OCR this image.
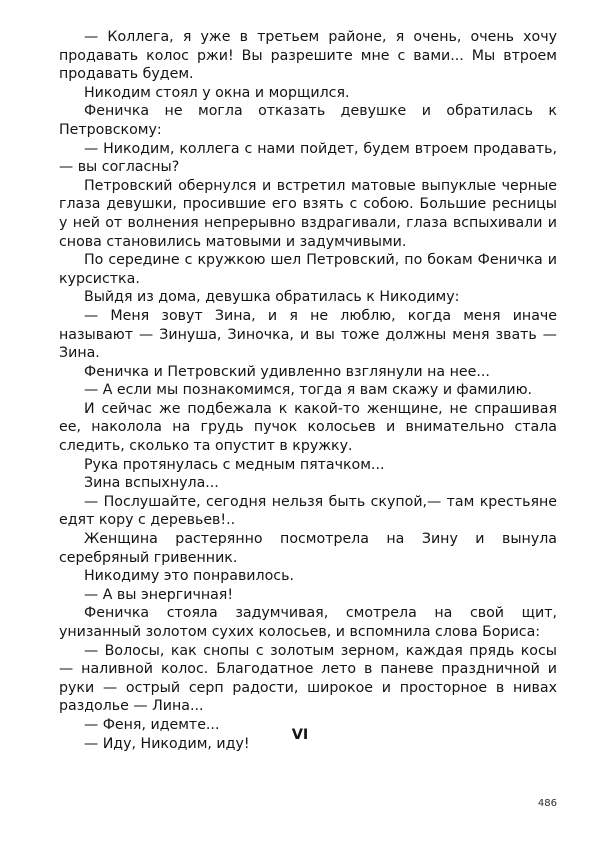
— Коллега, я уже в третьем районе, я очень, очень хочу продавать колос ржи! Вы разрешите мне с вами... Мы втроем продавать будем.

Никодим стоял у окна и морщился.

Феничка не могла отказать девушке и обратилась к Петровскому:

— Никодим, коллега с нами пойдет, будем втроем продавать,— вы согласны?

Петровский обернулся и встретил матовые выпуклые черные глаза девушки, просившие его взять с собою. Большие ресницы у ней от волнения непрерывно вздрагивали, глаза вспыхивали и снова становились матовыми и задумчивыми.

По середине с кружкою шел Петровский, по бокам Феничка и курсистка.

Выйдя из дома, девушка обратилась к Никодиму:

— Меня зовут Зина, и я не люблю, когда меня иначе называют — Зинуша, Зиночка, и вы тоже должны меня звать — Зина.

Феничка и Петровский удивленно взглянули на нее...

— А если мы познакомимся, тогда я вам скажу и фамилию.

И сейчас же подбежала к какой-то женщине, не спрашивая ее, наколола на грудь пучок колосьев и внимательно стала следить, сколько та опустит в кружку.

Рука протянулась с медным пятачком...

Зина вспыхнула...

— Послушайте, сегодня нельзя быть скупой,— там крестьяне едят кору с деревьев!..

Женщина растерянно посмотрела на Зину и вынула серебряный гривенник.

Никодиму это понравилось.

— А вы энергичная!

Феничка стояла задумчивая, смотрела на свой щит, унизанный золотом сухих колосьев, и вспомнила слова Бориса:

— Волосы, как снопы с золотым зерном, каждая прядь косы — наливной колос. Благодатное лето в паневе праздничной и руки — острый серп радости, широкое и просторное в нивах раздолье — Лина...

— Феня, идемте...

— Иду, Никодим, иду!

VI
486
